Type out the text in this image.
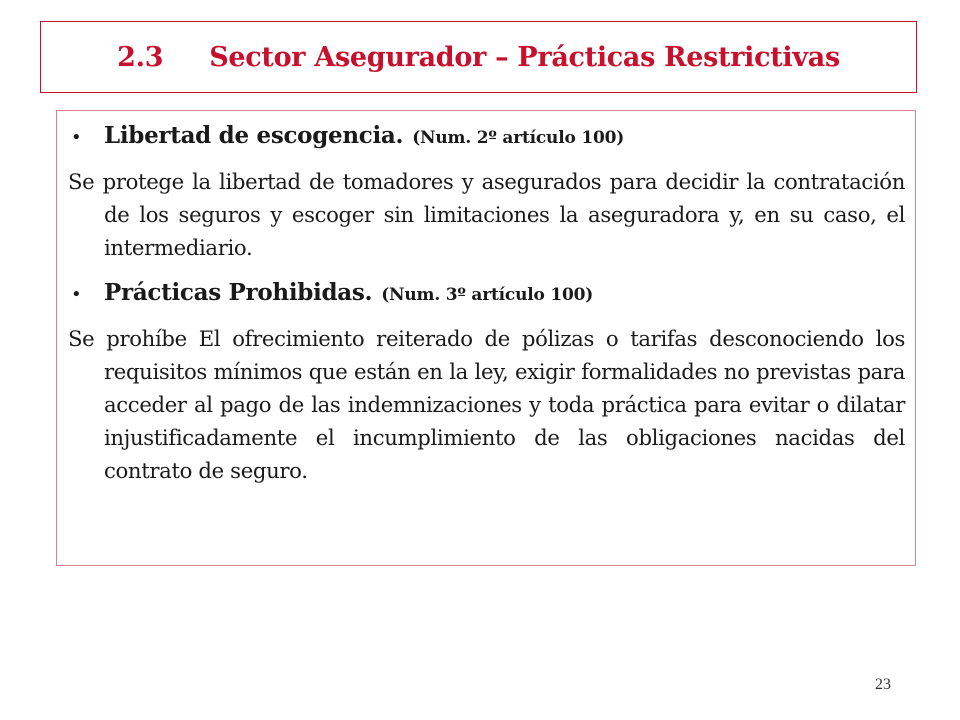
2.3 Sector Asegurador – Prácticas Restrictivas
• Libertad de escogencia. (Num. 2º artículo 100)

Se protege la libertad de tomadores y asegurados para decidir la contratación de los seguros y escoger sin limitaciones la aseguradora y, en su caso, el intermediario.

• Prácticas Prohibidas. (Num. 3º artículo 100)

Se prohíbe El ofrecimiento reiterado de pólizas o tarifas desconociendo los requisitos mínimos que están en la ley, exigir formalidades no previstas para acceder al pago de las indemnizaciones y toda práctica para evitar o dilatar injustificadamente el incumplimiento de las obligaciones nacidas del contrato de seguro.

23
